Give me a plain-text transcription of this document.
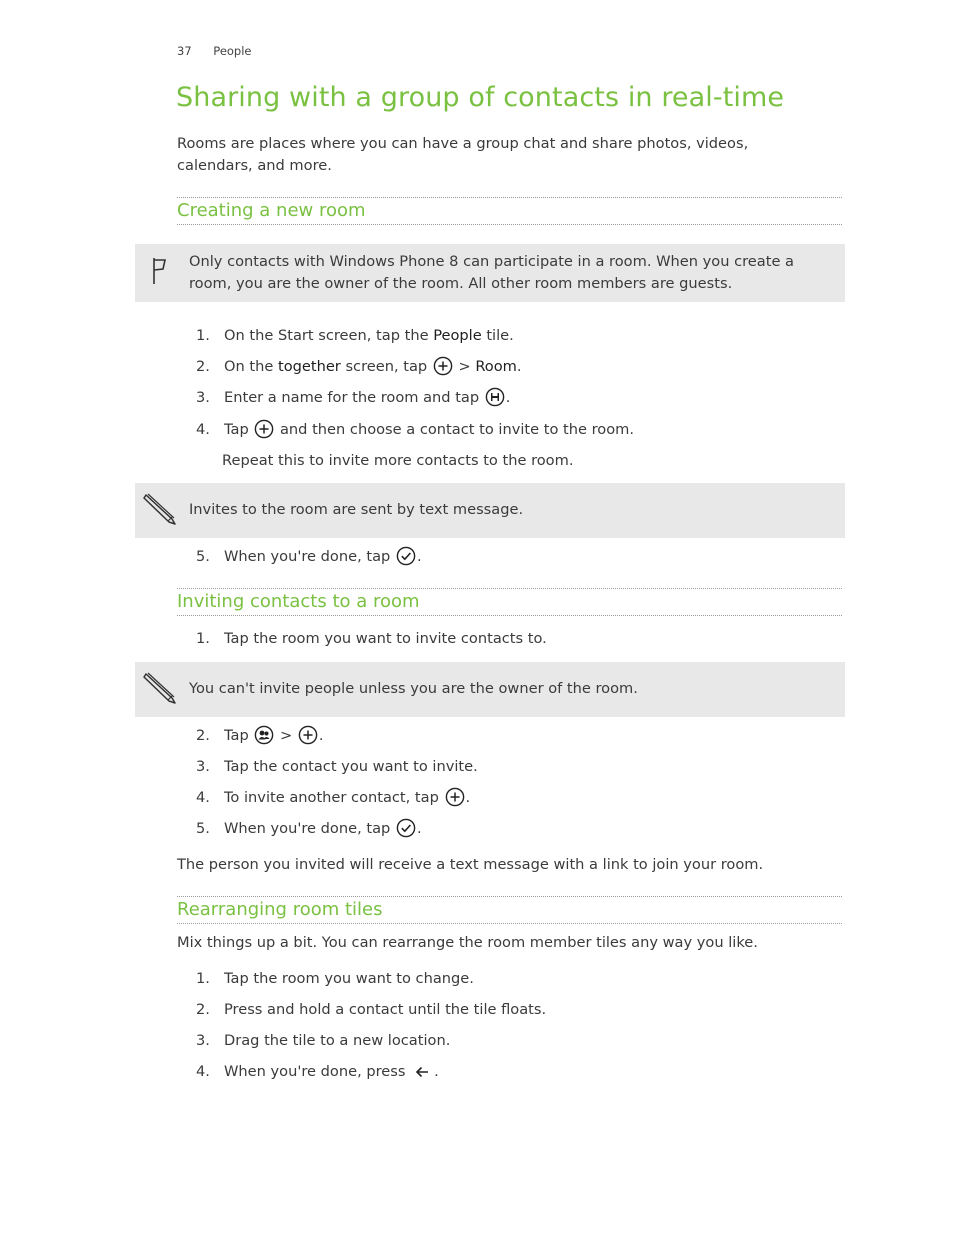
37 People
Sharing with a group of contacts in real-time
Rooms are places where you can have a group chat and share photos, videos, calendars, and more.
Creating a new room
Only contacts with Windows Phone 8 can participate in a room. When you create a room, you are the owner of the room. All other room members are guests.
1. On the Start screen, tap the People tile.
2. On the together screen, tap  > Room.
3. Enter a name for the room and tap .
4. Tap  and then choose a contact to invite to the room.
Repeat this to invite more contacts to the room.
Invites to the room are sent by text message.
5. When you're done, tap .
Inviting contacts to a room
1. Tap the room you want to invite contacts to.
You can't invite people unless you are the owner of the room.
2. Tap  > .
3. Tap the contact you want to invite.
4. To invite another contact, tap .
5. When you're done, tap .
The person you invited will receive a text message with a link to join your room.
Rearranging room tiles
Mix things up a bit. You can rearrange the room member tiles any way you like.
1. Tap the room you want to change.
2. Press and hold a contact until the tile floats.
3. Drag the tile to a new location.
4. When you're done, press .
